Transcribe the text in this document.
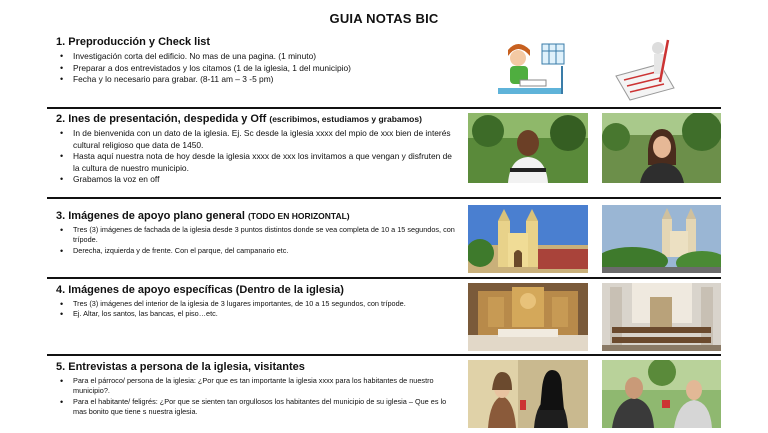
GUIA NOTAS BIC
1. Preproducción y Check list
• Investigación corta del edificio. No mas de una pagina. (1 minuto)
• Preparar a dos entrevistados y los citamos (1 de la iglesia, 1 del municipio)
• Fecha y lo necesario para grabar. (8-11 am – 3 -5 pm)
2. Ines de presentación, despedida y Off (escribimos, estudiamos y grabamos)
• In de bienvenida con un dato de la iglesia. Ej. Sc desde la iglesia xxxx del mpio de xxx bien de interés cultural religioso que data de 1450.
• Hasta aquí nuestra nota de hoy desde la iglesia xxxx de xxx los invitamos a que vengan y disfruten de la cultura de nuestro municipio.
• Grabamos la voz en off
3. Imágenes de apoyo plano general (TODO EN HORIZONTAL)
• Tres (3) imágenes de fachada de la iglesia desde 3 puntos distintos donde se vea completa de 10 a 15 segundos, con trípode.
• Derecha, izquierda y de frente. Con el parque, del campanario etc.
4. Imágenes de apoyo específicas (Dentro de la iglesia)
• Tres (3) imágenes del interior de la iglesia de 3 lugares importantes, de 10 a 15 segundos, con trípode.
• Ej. Altar, los santos, las bancas, el piso…etc.
5. Entrevistas a persona de la iglesia, visitantes
• Para el párroco/ persona de la iglesia: ¿Por que es tan importante la iglesia xxxx para los habitantes de nuestro municipio?.
• Para el habitante/ feligrés: ¿Por que se sienten tan orgullosos los habitantes del municipio de su iglesia – Que es lo mas bonito que tiene s nuestra iglesia.
